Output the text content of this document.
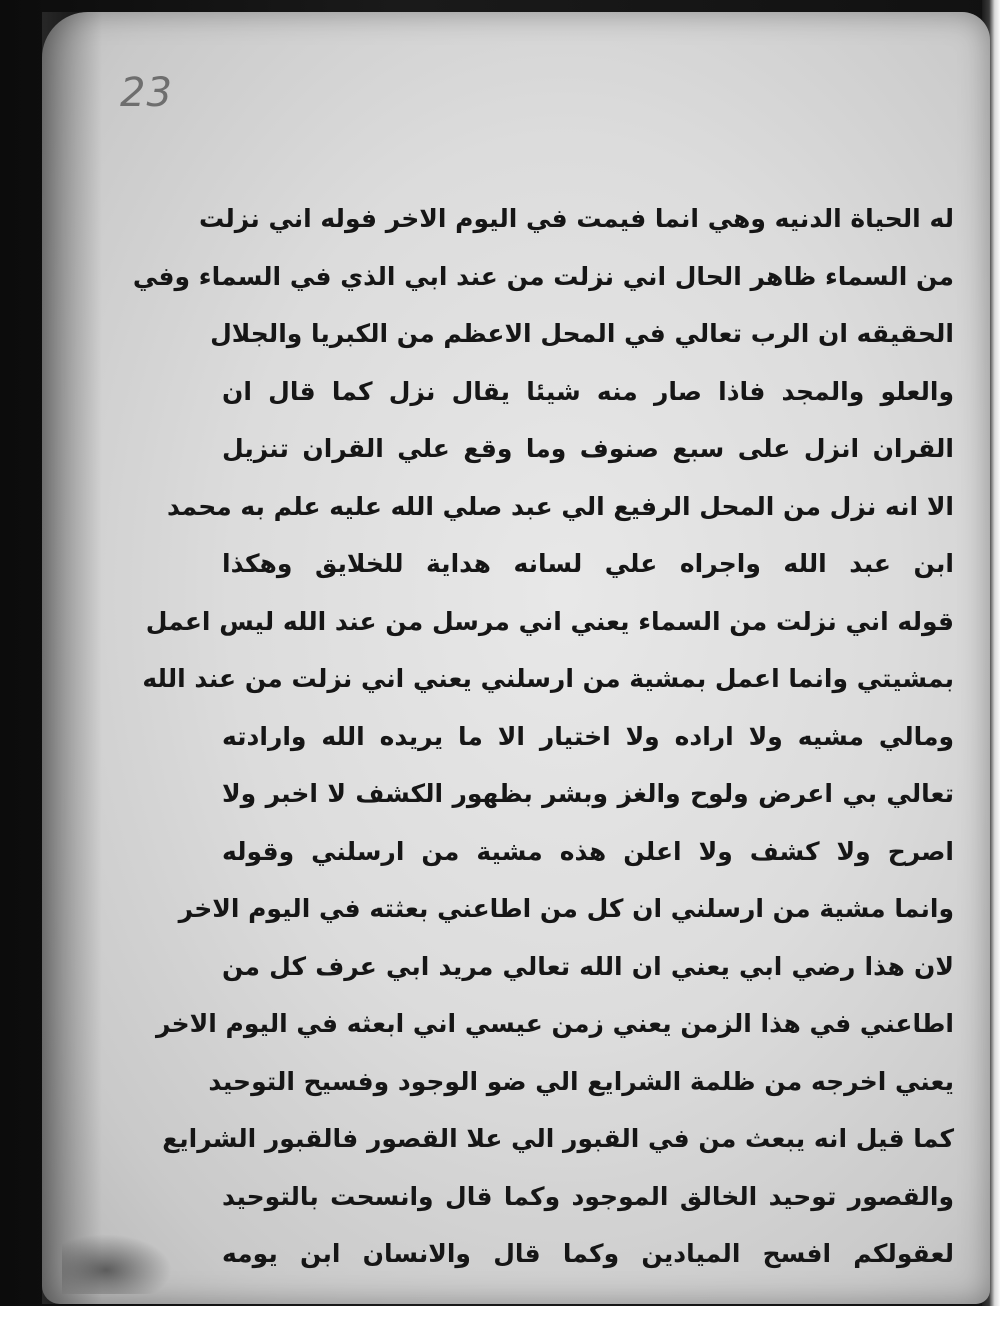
23
له الحياة الدنيه وهي انما فيمت في اليوم الاخر فوله اني نزلت
من السماء ظاهر الحال اني نزلت من عند ابي الذي في السماء وفي
الحقيقه ان الرب تعالي في المحل الاعظم من الكبريا والجلال
والعلو والمجد فاذا صار منه شيئا يقال نزل كما قال ان
القران انزل على سبع صنوف وما وقع علي القران تنزيل
الا انه نزل من المحل الرفيع الي عبد صلي الله عليه علم به محمد
ابن عبد الله واجراه علي لسانه هداية للخلايق وهكذا
قوله اني نزلت من السماء يعني اني مرسل من عند الله ليس اعمل
بمشيتي وانما اعمل بمشية من ارسلني يعني اني نزلت من عند الله
ومالي مشيه ولا اراده ولا اختيار الا ما يريده الله وارادته
تعالي بي اعرض ولوح والغز وبشر بظهور الكشف لا اخبر ولا
اصرح ولا كشف ولا اعلن هذه مشية من ارسلني وقوله
وانما مشية من ارسلني ان كل من اطاعني بعثته في اليوم الاخر
لان هذا رضي ابي يعني ان الله تعالي مريد ابي عرف كل من
اطاعني في هذا الزمن يعني زمن عيسي اني ابعثه في اليوم الاخر
يعني اخرجه من ظلمة الشرايع الي ضو الوجود وفسيح التوحيد
كما قيل انه يبعث من في القبور الي علا القصور فالقبور الشرايع
والقصور توحيد الخالق الموجود وكما قال وانسحت بالتوحيد
لعقولكم افسح الميادين وكما قال والانسان ابن يومه
